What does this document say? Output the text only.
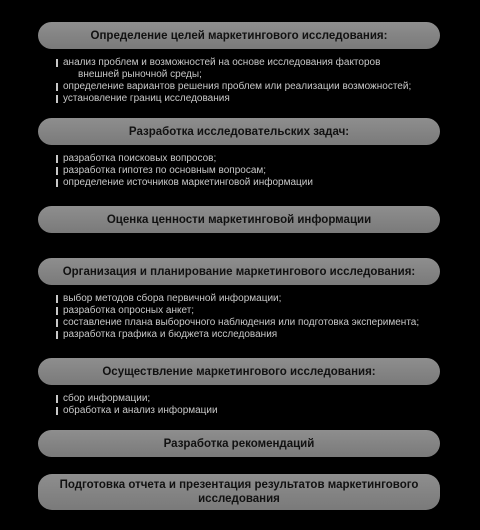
Определение целей маркетингового исследования:
анализ проблем и возможностей на основе исследования факторов
внешней рыночной среды;
определение вариантов решения проблем или реализации возможностей;
установление границ исследования
Разработка исследовательских задач:
разработка поисковых вопросов;
разработка гипотез по основным вопросам;
определение источников маркетинговой информации
Оценка ценности маркетинговой информации
Организация и планирование маркетингового исследования:
выбор методов сбора первичной информации;
разработка опросных анкет;
составление плана выборочного наблюдения или подготовка эксперимента;
разработка графика и бюджета исследования
Осуществление маркетингового исследования:
сбор информации;
обработка и анализ информации
Разработка рекомендаций
Подготовка отчета и презентация результатов маркетингового исследования
